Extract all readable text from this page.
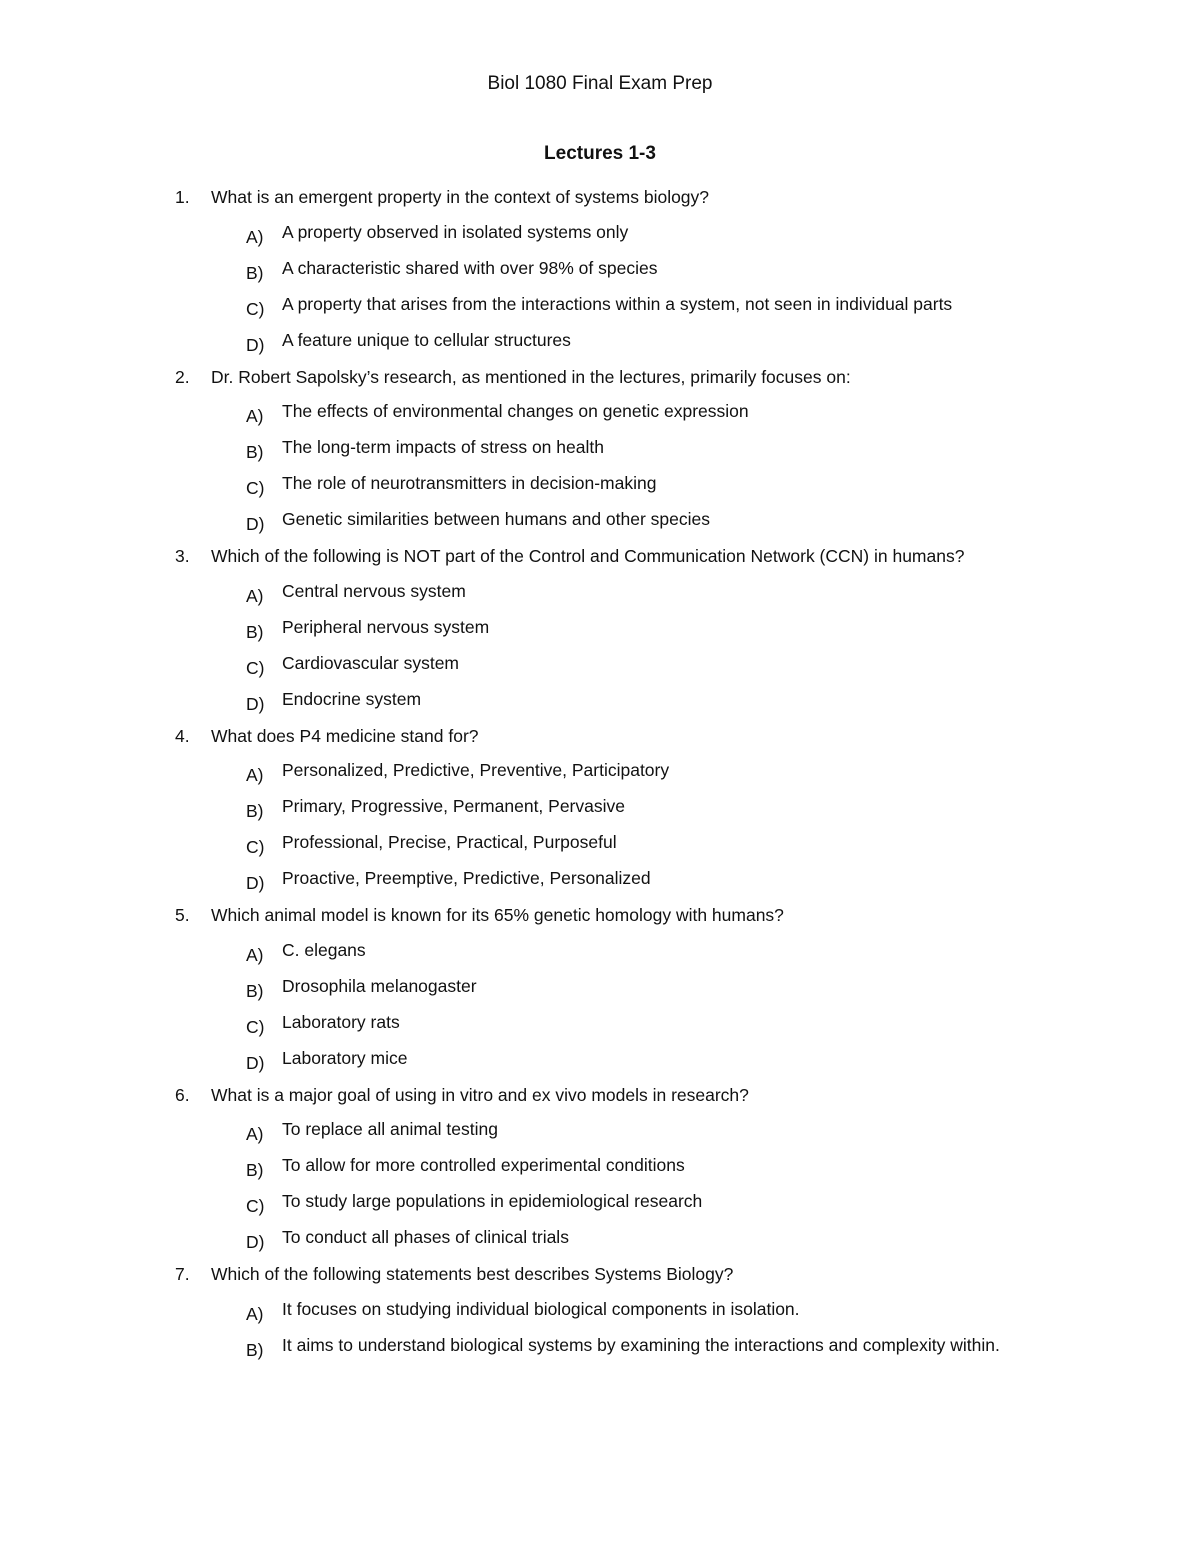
Biol 1080 Final Exam Prep
Lectures 1-3
1. What is an emergent property in the context of systems biology?
A) A property observed in isolated systems only
B) A characteristic shared with over 98% of species
C) A property that arises from the interactions within a system, not seen in individual parts
D) A feature unique to cellular structures
2. Dr. Robert Sapolsky’s research, as mentioned in the lectures, primarily focuses on:
A) The effects of environmental changes on genetic expression
B) The long-term impacts of stress on health
C) The role of neurotransmitters in decision-making
D) Genetic similarities between humans and other species
3. Which of the following is NOT part of the Control and Communication Network (CCN) in humans?
A) Central nervous system
B) Peripheral nervous system
C) Cardiovascular system
D) Endocrine system
4. What does P4 medicine stand for?
A) Personalized, Predictive, Preventive, Participatory
B) Primary, Progressive, Permanent, Pervasive
C) Professional, Precise, Practical, Purposeful
D) Proactive, Preemptive, Predictive, Personalized
5. Which animal model is known for its 65% genetic homology with humans?
A) C. elegans
B) Drosophila melanogaster
C) Laboratory rats
D) Laboratory mice
6. What is a major goal of using in vitro and ex vivo models in research?
A) To replace all animal testing
B) To allow for more controlled experimental conditions
C) To study large populations in epidemiological research
D) To conduct all phases of clinical trials
7. Which of the following statements best describes Systems Biology?
A) It focuses on studying individual biological components in isolation.
B) It aims to understand biological systems by examining the interactions and complexity within.
